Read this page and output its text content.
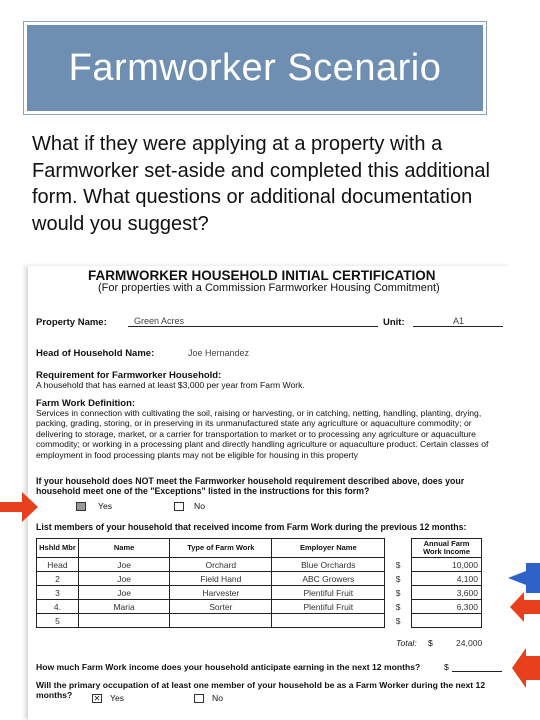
Farmworker Scenario
What if they were applying at a property with a Farmworker set-aside and completed this additional form. What questions or additional documentation would you suggest?
FARMWORKER HOUSEHOLD INITIAL CERTIFICATION
(For properties with a Commission Farmworker Housing Commitment)
Property Name:	Green Acres	Unit:	A1
Head of Household Name:	Joe Hernandez
Requirement for Farmworker Household:
A household that has earned at least $3,000 per year from Farm Work.
Farm Work Definition:
Services in connection with cultivating the soil, raising or harvesting, or in catching, netting, handling, planting, drying, packing, grading, storing, or in preserving in its unmanufactured state any agriculture or aquaculture commodity; or delivering to storage, market, or a carrier for transportation to market or to processing any agriculture or aquaculture commodity; or working in a processing plant and directly handling agriculture or aquaculture product. Certain classes of employment in food processing plants may not be eligible for housing in this property
If your household does NOT meet the Farmworker household requirement described above, does your household meet one of the "Exceptions" listed in the instructions for this form?
Yes	No
List members of your household that received income from Farm Work during the previous 12 months:
Hshld Mbr	Name	Type of Farm Work	Employer Name		Annual Farm Work Income
Head	Joe	Orchard	Blue Orchards	$	10,000
2	Joe	Field Hand	ABC Growers	$	4,100
3	Joe	Harvester	Plentiful Fruit	$	3,600
4.	Maria	Sorter	Plentiful Fruit	$	6,300
5				$	
Total: $	24,000
How much Farm Work income does your household anticipate earning in the next 12 months?	$
Will the primary occupation of at least one member of your household be as a Farm Worker during the next 12 months?	✕ Yes	No
